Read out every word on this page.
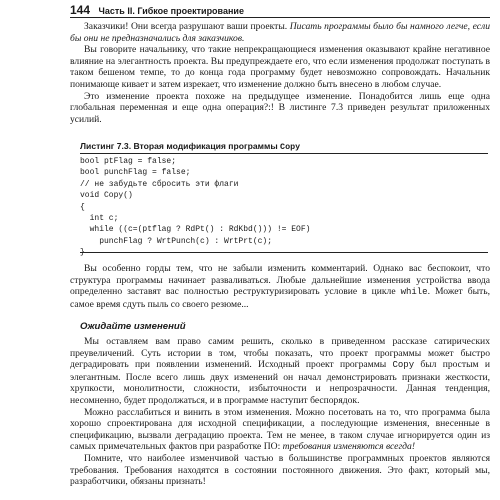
144 Часть II. Гибкое проектирование

Заказчики! Они всегда разрушают ваши проекты. Писать программы было бы намного легче, если бы они не предназначались для заказчиков.

Вы говорите начальнику, что такие непрекращающиеся изменения оказывают крайне негативное влияние на элегантность проекта. Вы предупреждаете его, что если изменения продолжат поступать в таком бешеном темпе, то до конца года программу будет невозможно сопровождать. Начальник понимающе кивает и затем изрекает, что изменение должно быть внесено в любом случае.

Это изменение проекта похоже на предыдущее изменение. Понадобится лишь еще одна глобальная переменная и еще одна операция?:! В листинге 7.3 приведен результат приложенных усилий.

Листинг 7.3. Вторая модификация программы Copy
bool ptFlag = false;
bool punchFlag = false;
// не забудьте сбросить эти флаги
void Copy()
{
int c;
while ((c=(ptflag ? RdPt() : RdKbd())) != EOF)
punchFlag ? WrtPunch(c) : WrtPrt(c);
}

Вы особенно горды тем, что не забыли изменить комментарий. Однако вас беспокоит, что структура программы начинает разваливаться. Любые дальнейшие изменения устройства ввода определенно заставят вас полностью реструктуризировать условие в цикле while. Может быть, самое время сдуть пыль со своего резюме...

Ожидайте изменений

Мы оставляем вам право самим решить, сколько в приведенном рассказе сатирических преувеличений. Суть истории в том, чтобы показать, что проект программы может быстро деградировать при появлении изменений. Исходный проект программы Copy был простым и элегантным. После всего лишь двух изменений он начал демонстрировать признаки жесткости, хрупкости, монолитности, сложности, избыточности и непрозрачности. Данная тенденция, несомненно, будет продолжаться, и в программе наступит беспорядок.

Можно расслабиться и винить в этом изменения. Можно посетовать на то, что программа была хорошо спроектирована для исходной спецификации, а последующие изменения, внесенные в спецификацию, вызвали деградацию проекта. Тем не менее, в таком случае игнорируется один из самых примечательных фактов при разработке ПО: требования изменяются всегда!

Помните, что наиболее изменчивой частью в большинстве программных проектов являются требования. Требования находятся в состоянии постоянного движения. Это факт, который мы, разработчики, обязаны признать!
